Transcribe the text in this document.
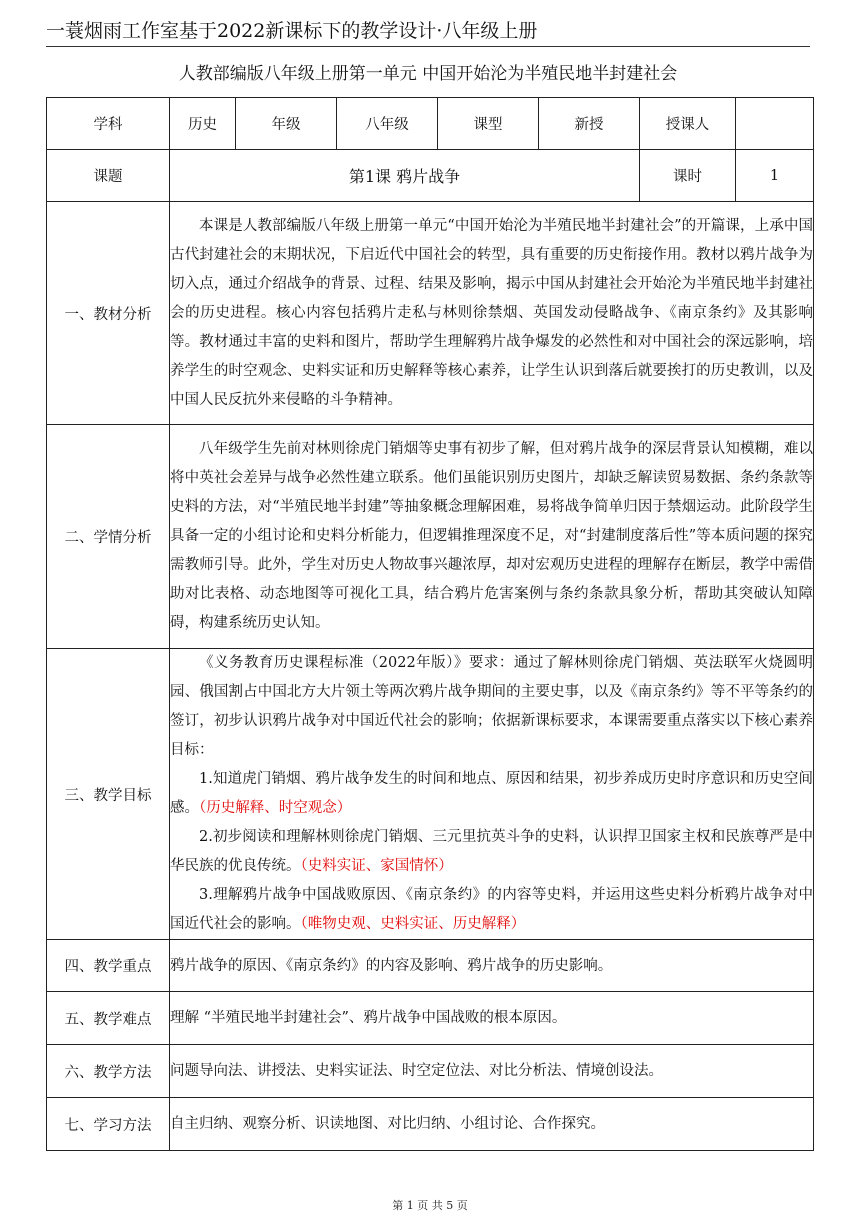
一蓑烟雨工作室基于2022新课标下的教学设计·八年级上册
人教部编版八年级上册第一单元 中国开始沦为半殖民地半封建社会
学科	历史	年级	八年级	课型	新授	授课人	
课题	第1课 鸦片战争					课时	1
一、教材分析	本课是人教部编版八年级上册第一单元“中国开始沦为半殖民地半封建社会”的开篇课，上承中国古代封建社会的末期状况，下启近代中国社会的转型，具有重要的历史衔接作用。教材以鸦片战争为切入点，通过介绍战争的背景、过程、结果及影响，揭示中国从封建社会开始沦为半殖民地半封建社会的历史进程。核心内容包括鸦片走私与林则徐禁烟、英国发动侵略战争、《南京条约》及其影响等。教材通过丰富的史料和图片，帮助学生理解鸦片战争爆发的必然性和对中国社会的深远影响，培养学生的时空观念、史料实证和历史解释等核心素养，让学生认识到落后就要挨打的历史教训，以及中国人民反抗外来侵略的斗争精神。						

二、学情分析	八年级学生先前对林则徐虎门销烟等史事有初步了解，但对鸦片战争的深层背景认知模糊，难以将中英社会差异与战争必然性建立联系。他们虽能识别历史图片，却缺乏解读贸易数据、条约条款等史料的方法，对“半殖民地半封建”等抽象概念理解困难，易将战争简单归因于禁烟运动。此阶段学生具备一定的小组讨论和史料分析能力，但逻辑推理深度不足，对“封建制度落后性”等本质问题的探究需教师引导。此外，学生对历史人物故事兴趣浓厚，却对宏观历史进程的理解存在断层，教学中需借助对比表格、动态地图等可视化工具，结合鸦片危害案例与条约条款具象分析，帮助其突破认知障碍，构建系统历史认知。						

三、教学目标	《义务教育历史课程标准（2022年版）》要求：通过了解林则徐虎门销烟、英法联军火烧圆明园、俄国割占中国北方大片领土等两次鸦片战争期间的主要史事，以及《南京条约》等不平等条约的签订，初步认识鸦片战争对中国近代社会的影响；依据新课标要求，本课需要重点落实以下核心素养目标：

1.知道虎门销烟、鸦片战争发生的时间和地点、原因和结果，初步养成历史时序意识和历史空间感。（历史解释、时空观念）

2.初步阅读和理解林则徐虎门销烟、三元里抗英斗争的史料，认识捍卫国家主权和民族尊严是中华民族的优良传统。（史料实证、家国情怀）

3.理解鸦片战争中国战败原因、《南京条约》的内容等史料，并运用这些史料分析鸦片战争对中国近代社会的影响。（唯物史观、史料实证、历史解释）						

四、教学重点	鸦片战争的原因、《南京条约》的内容及影响、鸦片战争的历史影响。						
五、教学难点	理解 “半殖民地半封建社会”、鸦片战争中国战败的根本原因。						
六、教学方法	问题导向法、讲授法、史料实证法、时空定位法、对比分析法、情境创设法。						
七、学习方法	自主归纳、观察分析、识读地图、对比归纳、小组讨论、合作探究。						
第 1 页 共 5 页
